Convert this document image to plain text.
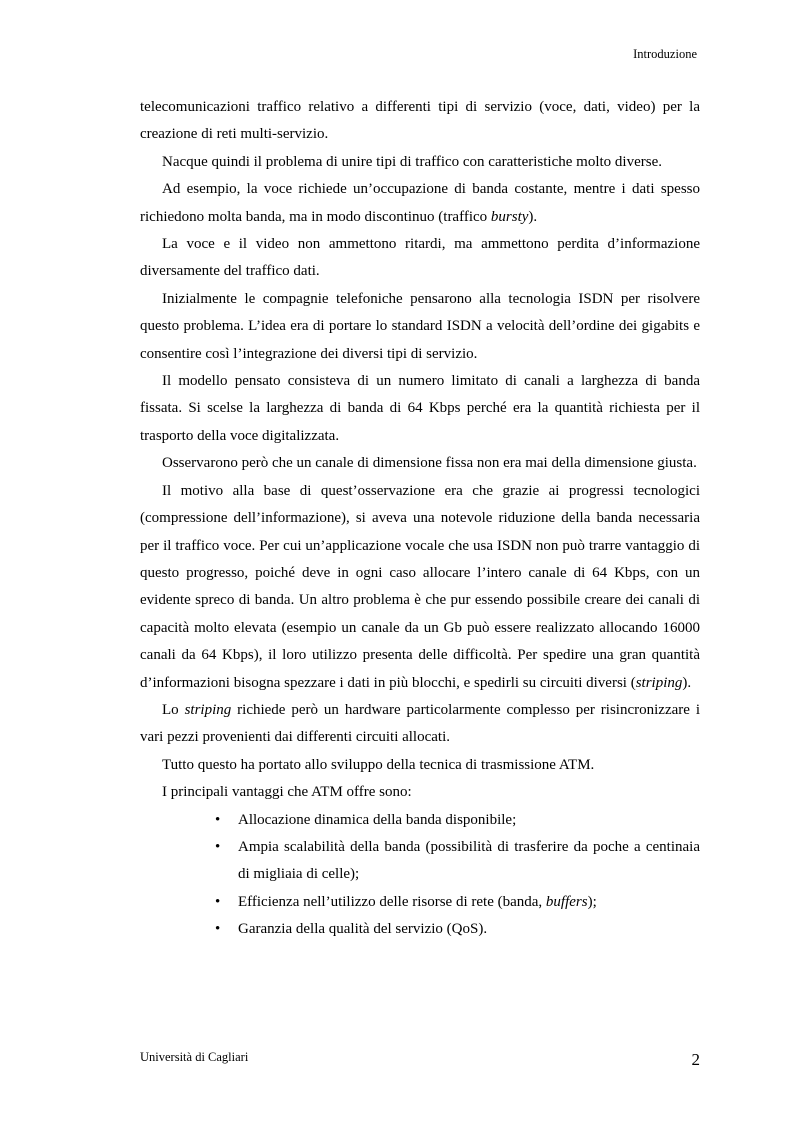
Introduzione

telecomunicazioni traffico relativo a differenti tipi di servizio (voce, dati, video) per la creazione di reti multi-servizio.

Nacque quindi il problema di unire tipi di traffico con caratteristiche molto diverse.

Ad esempio, la voce richiede un’occupazione di banda costante, mentre i dati spesso richiedono molta banda, ma in modo discontinuo (traffico bursty).

La voce e il video non ammettono ritardi, ma ammettono perdita d’informazione diversamente del traffico dati.

Inizialmente le compagnie telefoniche pensarono alla tecnologia ISDN per risolvere questo problema. L’idea era di portare lo standard ISDN a velocità dell’ordine dei gigabits e consentire così l’integrazione dei diversi tipi di servizio.

Il modello pensato consisteva di un numero limitato di canali a larghezza di banda fissata. Si scelse la larghezza di banda di 64 Kbps perché era la quantità richiesta per il trasporto della voce digitalizzata.

Osservarono però che un canale di dimensione fissa non era mai della dimensione giusta.

Il motivo alla base di quest’osservazione era che grazie ai progressi tecnologici (compressione dell’informazione), si aveva una notevole riduzione della banda necessaria per il traffico voce. Per cui un’applicazione vocale che usa ISDN non può trarre vantaggio di questo progresso, poiché deve in ogni caso allocare l’intero canale di 64 Kbps, con un evidente spreco di banda. Un altro problema è che pur essendo possibile creare dei canali di capacità molto elevata (esempio un canale da un Gb può essere realizzato allocando 16000 canali da 64 Kbps), il loro utilizzo presenta delle difficoltà. Per spedire una gran quantità d’informazioni bisogna spezzare i dati in più blocchi, e spedirli su circuiti diversi (striping).

Lo striping richiede però un hardware particolarmente complesso per risincronizzare i vari pezzi provenienti dai differenti circuiti allocati.

Tutto questo ha portato allo sviluppo della tecnica di trasmissione ATM.

I principali vantaggi che ATM offre sono:

• Allocazione dinamica della banda disponibile;
• Ampia scalabilità della banda (possibilità di trasferire da poche a centinaia di migliaia di celle);
• Efficienza nell’utilizzo delle risorse di rete (banda, buffers);
• Garanzia della qualità del servizio (QoS).
Università di Cagliari	2
